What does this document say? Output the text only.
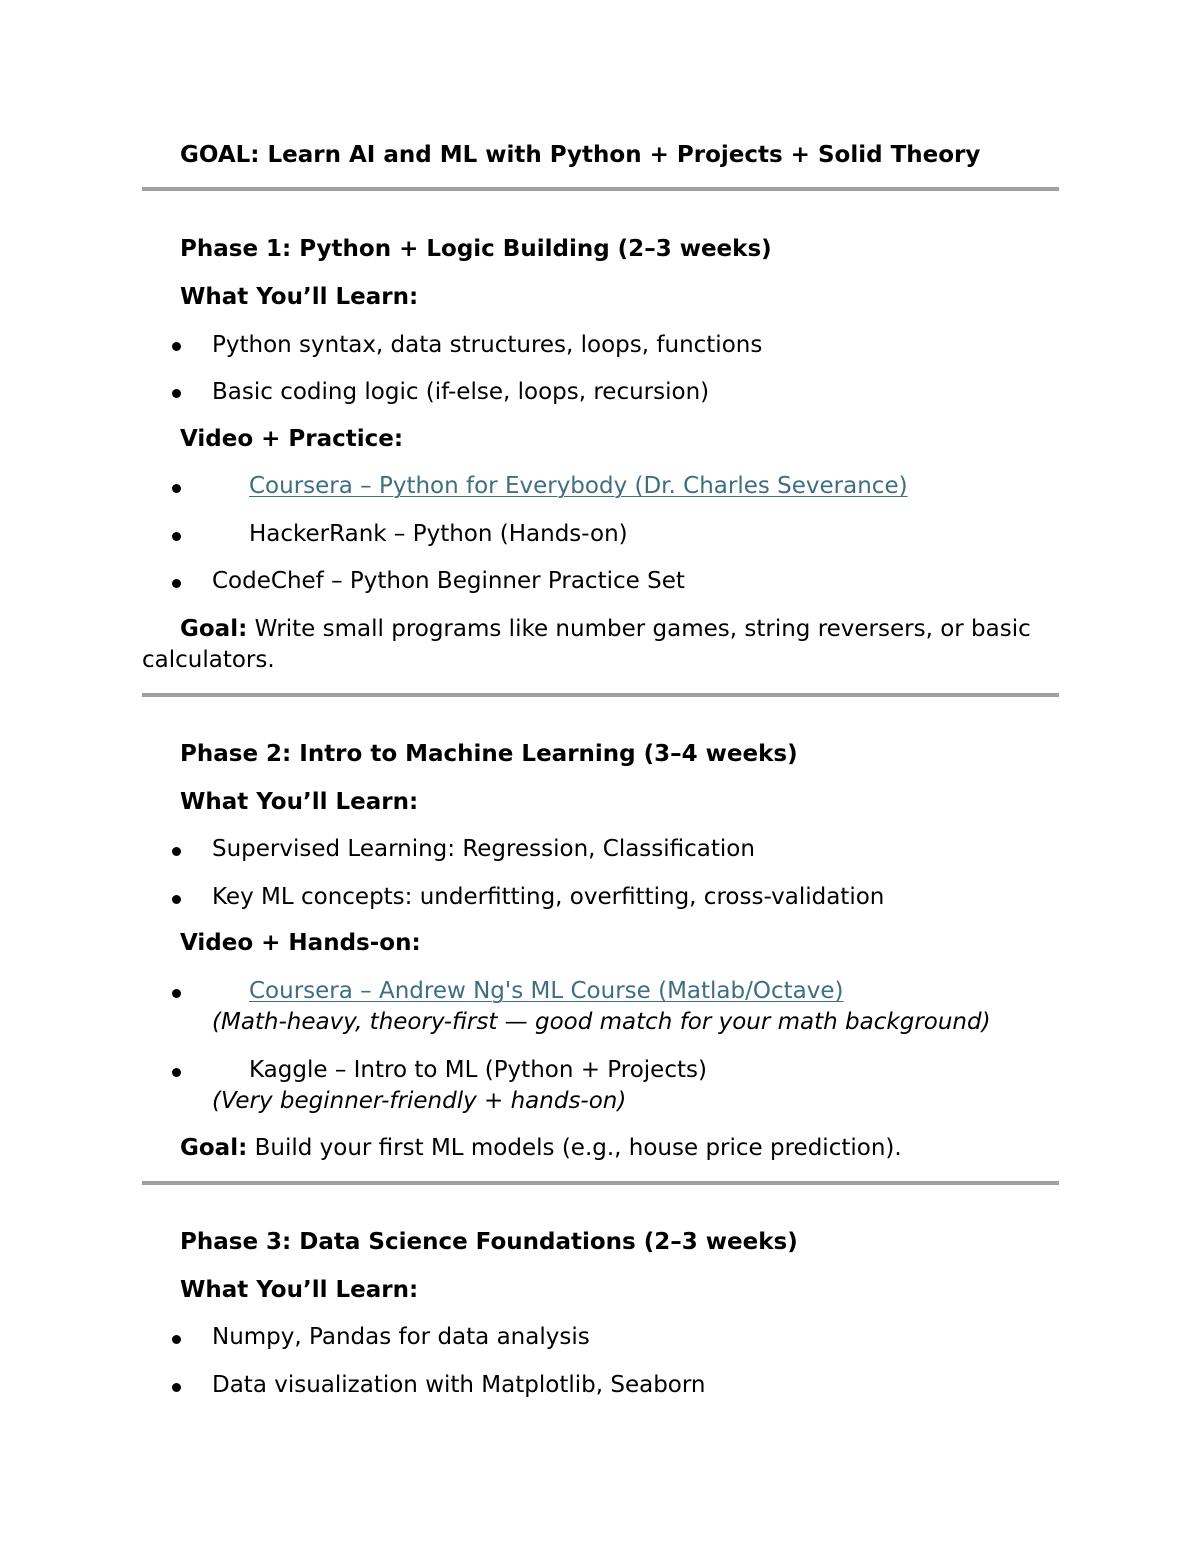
GOAL: Learn AI and ML with Python + Projects + Solid Theory
Phase 1: Python + Logic Building (2–3 weeks)
What You’ll Learn:
Python syntax, data structures, loops, functions
Basic coding logic (if-else, loops, recursion)
Video + Practice:
Coursera – Python for Everybody (Dr. Charles Severance)
HackerRank – Python (Hands-on)
CodeChef – Python Beginner Practice Set
Goal: Write small programs like number games, string reversers, or basic
calculators.
Phase 2: Intro to Machine Learning (3–4 weeks)
What You’ll Learn:
Supervised Learning: Regression, Classification
Key ML concepts: underfitting, overfitting, cross-validation
Video + Hands-on:
Coursera – Andrew Ng's ML Course (Matlab/Octave)
(Math-heavy, theory-first — good match for your math background)
Kaggle – Intro to ML (Python + Projects)
(Very beginner-friendly + hands-on)
Goal: Build your first ML models (e.g., house price prediction).
Phase 3: Data Science Foundations (2–3 weeks)
What You’ll Learn:
Numpy, Pandas for data analysis
Data visualization with Matplotlib, Seaborn
